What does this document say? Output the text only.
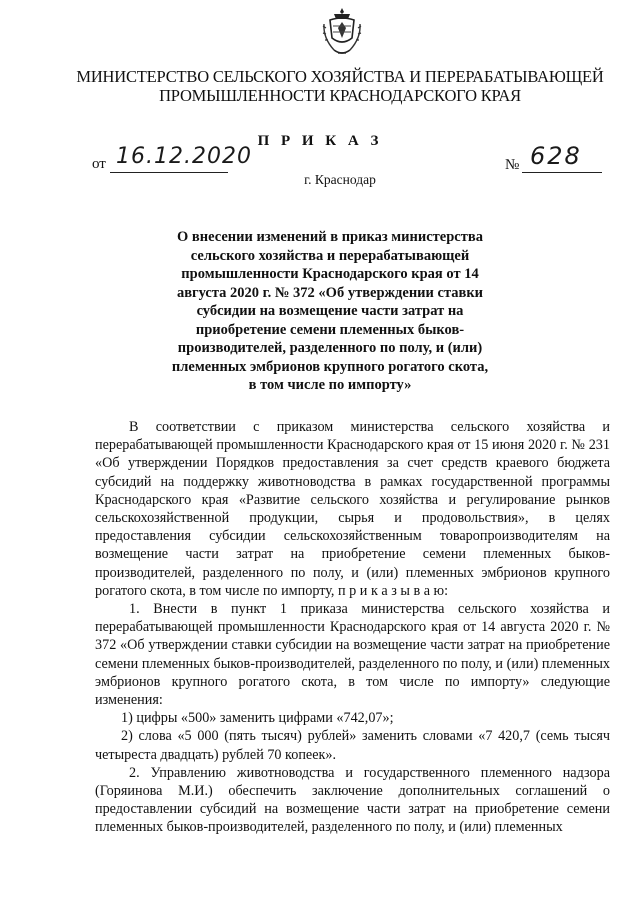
МИНИСТЕРСТВО СЕЛЬСКОГО ХОЗЯЙСТВА И ПЕРЕРАБАТЫВАЮЩЕЙ
ПРОМЫШЛЕННОСТИ КРАСНОДАРСКОГО КРАЯ
П Р И К А З
от 16.12.2020	№ 628
г. Краснодар
О внесении изменений в приказ министерства сельского хозяйства и перерабатывающей промышленности Краснодарского края от 14 августа 2020 г. № 372 «Об утверждении ставки субсидии на возмещение части затрат на приобретение семени племенных быков-производителей, разделенного по полу, и (или) племенных эмбрионов крупного рогатого скота, в том числе по импорту»

В соответствии с приказом министерства сельского хозяйства и перерабатывающей промышленности Краснодарского края от 15 июня 2020 г. № 231 «Об утверждении Порядков предоставления за счет средств краевого бюджета субсидий на поддержку животноводства в рамках государственной программы Краснодарского края «Развитие сельского хозяйства и регулирование рынков сельскохозяйственной продукции, сырья и продовольствия», в целях предоставления субсидии сельскохозяйственным товаропроизводителям на возмещение части затрат на приобретение семени племенных быков-производителей, разделенного по полу, и (или) племенных эмбрионов крупного рогатого скота, в том числе по импорту, п р и к а з ы в а ю:

1. Внести в пункт 1 приказа министерства сельского хозяйства и перерабатывающей промышленности Краснодарского края от 14 августа 2020 г. № 372 «Об утверждении ставки субсидии на возмещение части затрат на приобретение семени племенных быков-производителей, разделенного по полу, и (или) племенных эмбрионов крупного рогатого скота, в том числе по импорту» следующие изменения:

1) цифры «500» заменить цифрами «742,07»;

2) слова «5 000 (пять тысяч) рублей» заменить словами «7 420,7 (семь тысяч четыреста двадцать) рублей 70 копеек».

2. Управлению животноводства и государственного племенного надзора (Горяинова М.И.) обеспечить заключение дополнительных соглашений о предоставлении субсидий на возмещение части затрат на приобретение семени племенных быков-производителей, разделенного по полу, и (или) племенных
